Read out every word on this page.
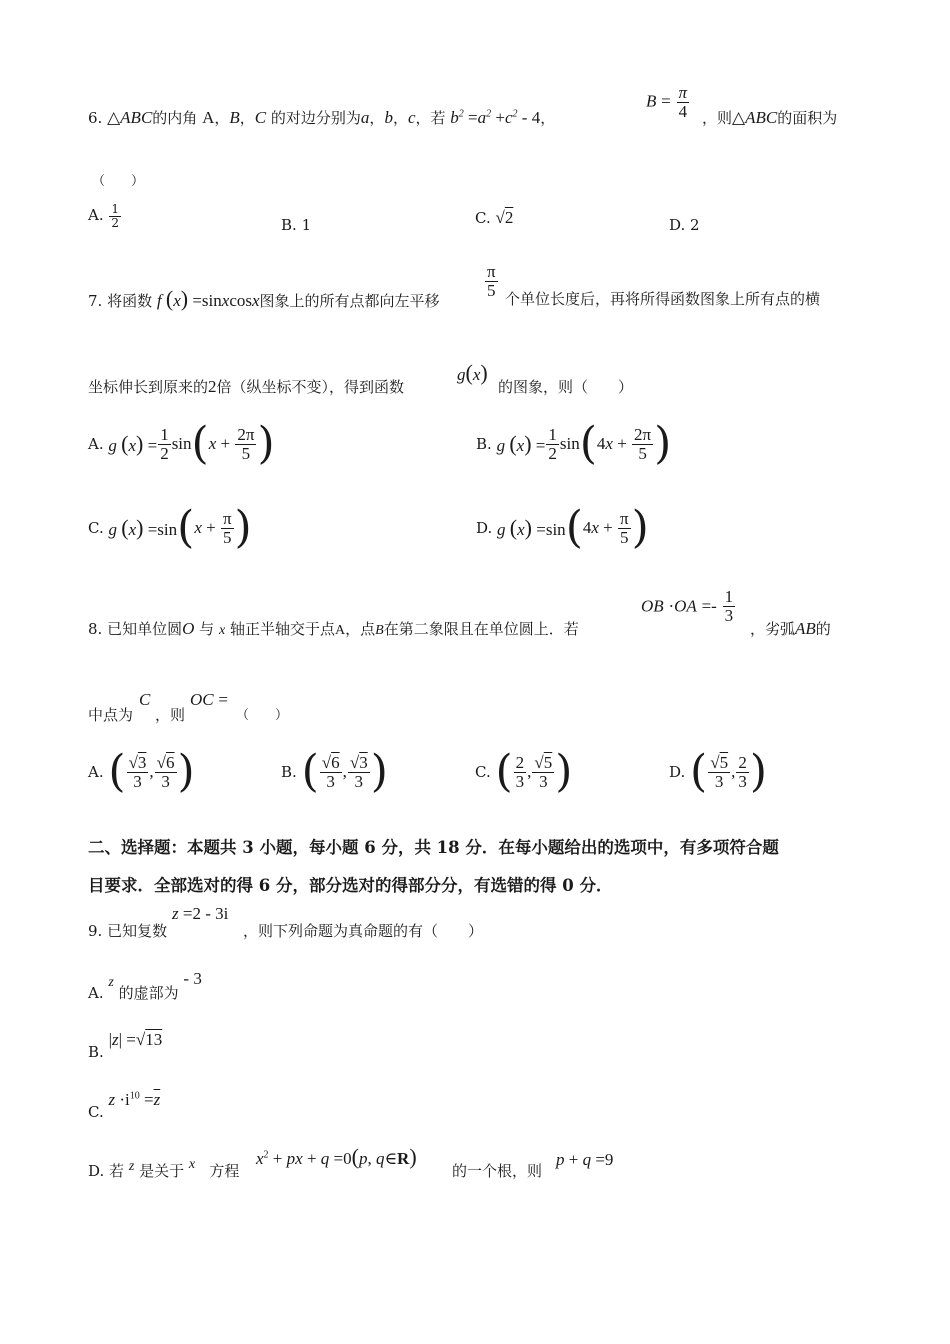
6. △ABC的内角 A，B，C 的对边分别为a，b，c，若 $b^2 =a^2 +c^2 - 4$，
$B = \frac{\pi}{4}$ ，则△ABC的面积为
（　　）
A. $\frac{1}{2}$	B. 1	C. √2	D. 2
7. 将函数 f (x) =sinxcosx图象上的所有点都向左平移
$\frac{\pi}{5}$ 个单位长度后，再将所得函数图象上所有点的横
坐标伸长到原来的2倍（纵坐标不变），得到函数
g(x)
的图象，则（　　）
A. g $(x) = \frac{1}{2} \sin(x + \frac{2\pi}{5}$ )	B. g $(x) = \frac{1}{2} \sin(4x + \frac{2\pi}{5}$ )
C. g $(x) =\sin(x + \frac{\pi}{5}$ )	D. g $(x) =\sin(4x + \frac{\pi}{5}$ )
8. 已知单位圆O 与 x 轴正半轴交于点A，点B在第二象限且在单位圆上．若
OB $\cdot OA =- \frac{1}{3}$
，劣弧AB的
中点为
C
，则
OC =
（　　）
A. ( $\frac{√3}{3}$ , $\frac{√6}{3}$ )	B. ( $\frac{√6}{3}$ , $\frac{√3}{3}$ )	C. ( $\frac{2}{3}$ , $\frac{√5}{3}$ )	D. ( $\frac{√5}{3}$ , $\frac{2}{3}$ )
二、选择题：本题共 3 小题，每小题 6 分，共 18 分．在每小题给出的选项中，有多项符合题
目要求．全部选对的得 6 分，部分选对的得部分分，有选错的得 0 分．
9. 已知复数
z =2 - 3i
，则下列命题为真命题的有（　　）
A. z 的虚部为 - 3
B. |z| =√13
C. $z \cdot i^{10} =\overline{z}$
D. 若 z 是关于 x 方程
$x^2$ + px + q =0(p, q∈R)
的一个根，则
p + q =9
